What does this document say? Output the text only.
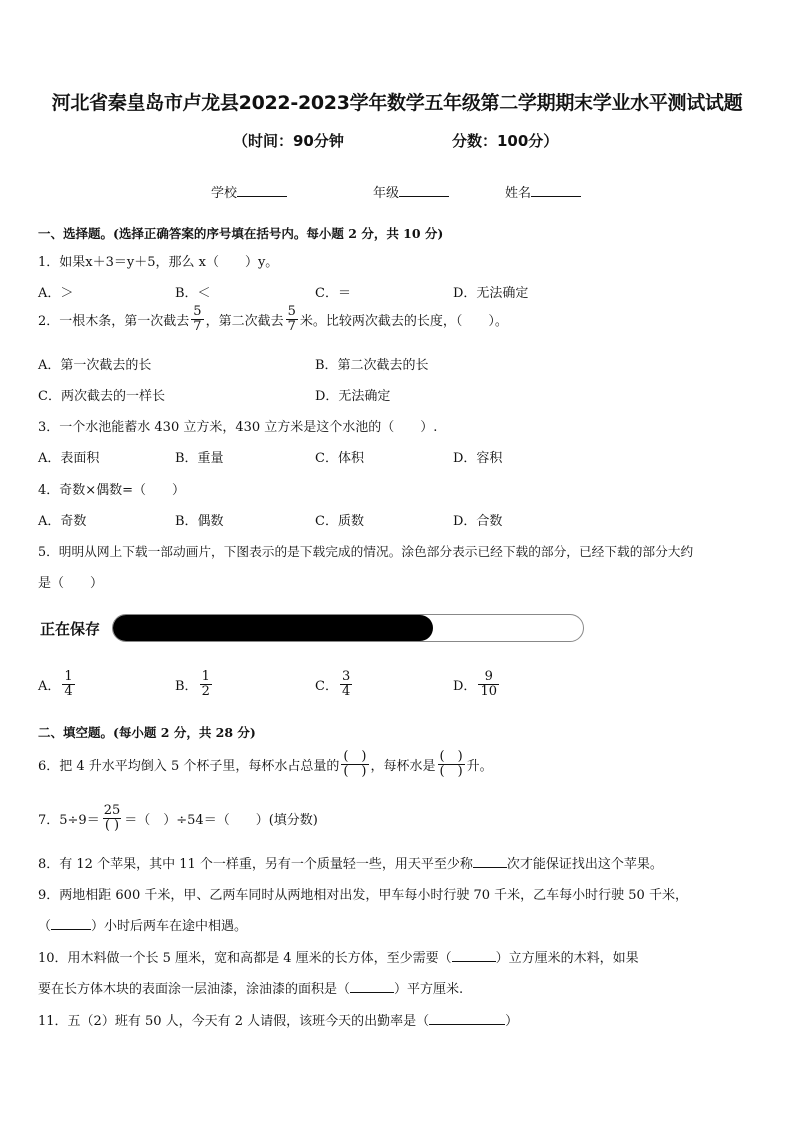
河北省秦皇岛市卢龙县2022-2023学年数学五年级第二学期期末学业水平测试试题
（时间：90分钟	分数：100分）
学校	年级	姓名
一、选择题。(选择正确答案的序号填在括号内。每小题 2 分，共 10 分)
1．如果x＋3＝y＋5，那么 x（　　）y。
A．＞	B．＜	C．＝	D．无法确定
2．一根木条，第一次截去 $\frac{5}{7}$ ，第二次截去 $\frac{5}{7}$ 米。比较两次截去的长度，（　　）。
A．第一次截去的长	B．第二次截去的长
C．两次截去的一样长	D．无法确定
3．一个水池能蓄水 430 立方米，430 立方米是这个水池的（　　）.
A．表面积	B．重量	C．体积	D．容积
4．奇数×偶数=（　　）
A．奇数	B．偶数	C．质数	D．合数
5．明明从网上下载一部动画片，下图表示的是下载完成的情况。涂色部分表示已经下载的部分，已经下载的部分大约
是（　　）
正在保存
A． $\frac{1}{4}$	B． $\frac{1}{2}$	C． $\frac{3}{4}$	D． $\frac{9}{10}$
二、填空题。(每小题 2 分，共 28 分)
6．把 4 升水平均倒入 5 个杯子里，每杯水占总量的 $\frac{( )}{( )}$ ，每杯水是 $\frac{( )}{( )}$ 升。
7．$5\div 9= \frac{25}{( )}$ ＝（　）÷54＝（　　）(填分数)
8．有 12 个苹果，其中 11 个一样重，另有一个质量轻一些，用天平至少称	次才能保证找出这个苹果。
9．两地相距 600 千米，甲、乙两车同时从两地相对出发，甲车每小时行驶 70 千米，乙车每小时行驶 50 千米，
（	）小时后两车在途中相遇。
10．用木料做一个长 5 厘米，宽和高都是 4 厘米的长方体，至少需要（	）立方厘米的木料，如果
要在长方体木块的表面涂一层油漆，涂油漆的面积是（	）平方厘米.
11．五（2）班有 50 人，今天有 2 人请假，该班今天的出勤率是（	）
